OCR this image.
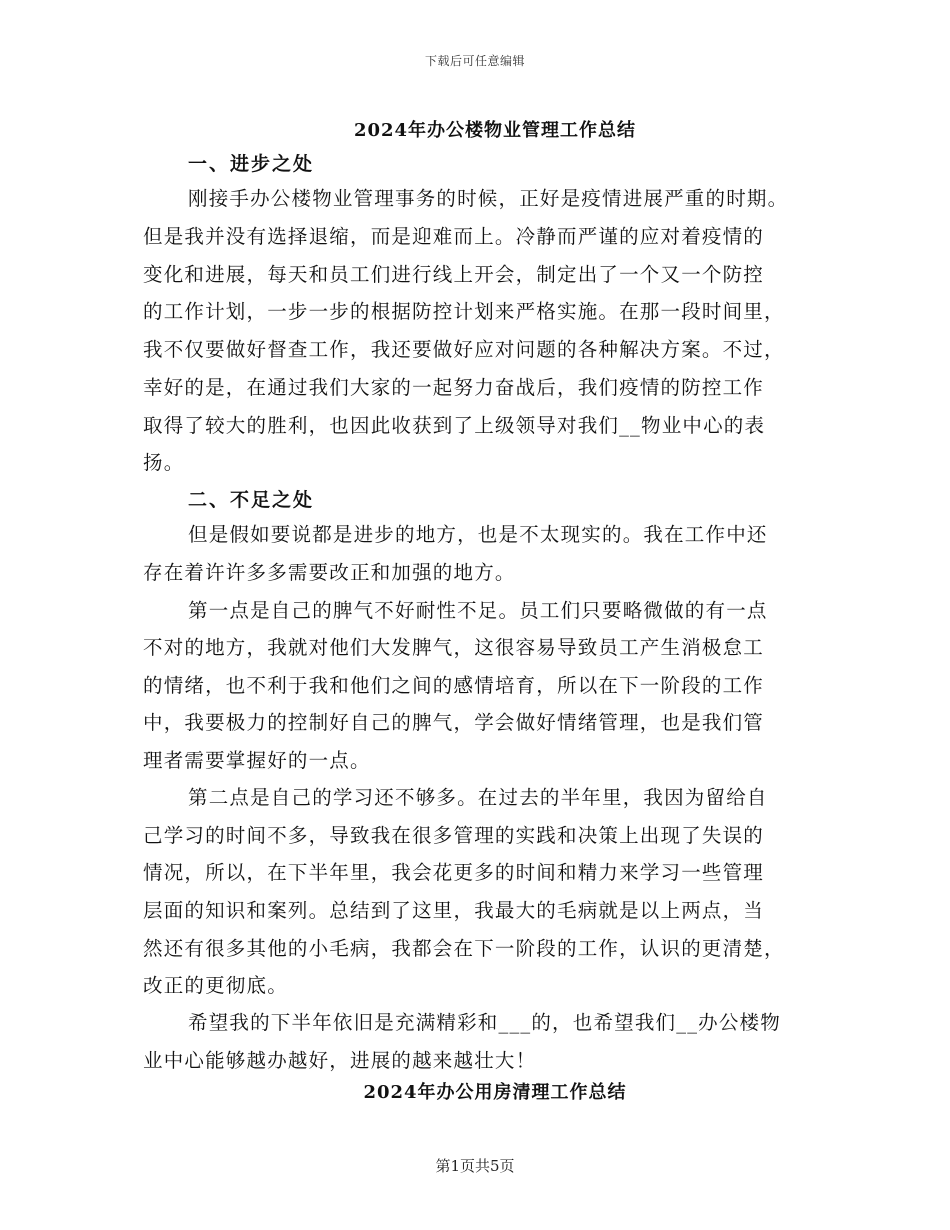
下载后可任意编辑
2024年办公楼物业管理工作总结
一、进步之处
刚接手办公楼物业管理事务的时候，正好是疫情进展严重的时期。
但是我并没有选择退缩，而是迎难而上。冷静而严谨的应对着疫情的
变化和进展，每天和员工们进行线上开会，制定出了一个又一个防控
的工作计划，一步一步的根据防控计划来严格实施。在那一段时间里，
我不仅要做好督查工作，我还要做好应对问题的各种解决方案。不过，
幸好的是，在通过我们大家的一起努力奋战后，我们疫情的防控工作
取得了较大的胜利，也因此收获到了上级领导对我们__物业中心的表
扬。
二、不足之处
但是假如要说都是进步的地方，也是不太现实的。我在工作中还
存在着许许多多需要改正和加强的地方。
第一点是自己的脾气不好耐性不足。员工们只要略微做的有一点
不对的地方，我就对他们大发脾气，这很容易导致员工产生消极怠工
的情绪，也不利于我和他们之间的感情培育，所以在下一阶段的工作
中，我要极力的控制好自己的脾气，学会做好情绪管理，也是我们管
理者需要掌握好的一点。
第二点是自己的学习还不够多。在过去的半年里，我因为留给自
己学习的时间不多，导致我在很多管理的实践和决策上出现了失误的
情况，所以，在下半年里，我会花更多的时间和精力来学习一些管理
层面的知识和案列。总结到了这里，我最大的毛病就是以上两点，当
然还有很多其他的小毛病，我都会在下一阶段的工作，认识的更清楚，
改正的更彻底。
希望我的下半年依旧是充满精彩和___的，也希望我们__办公楼物
业中心能够越办越好，进展的越来越壮大！
2024年办公用房清理工作总结
第1页共5页
